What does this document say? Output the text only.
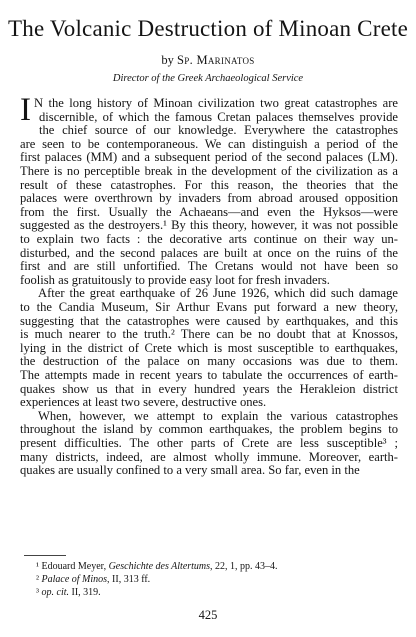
The Volcanic Destruction of Minoan Crete
by Sp. Marinatos
Director of the Greek Archaeological Service
I N the long history of Minoan civilization two great catastrophes are
discernible, of which the famous Cretan palaces themselves provide
the chief source of our knowledge. Everywhere the catastrophes
are seen to be contemporaneous. We can distinguish a period of the
first palaces (MM) and a subsequent period of the second palaces (LM).
There is no perceptible break in the development of the civilization as a
result of these catastrophes. For this reason, the theories that the
palaces were overthrown by invaders from abroad aroused opposition
from the first. Usually the Achaeans—and even the Hyksos—were
suggested as the destroyers.¹ By this theory, however, it was not possible
to explain two facts : the decorative arts continue on their way un-
disturbed, and the second palaces are built at once on the ruins of the
first and are still unfortified. The Cretans would not have been so
foolish as gratuitously to provide easy loot for fresh invaders.
After the great earthquake of 26 June 1926, which did such damage
to the Candia Museum, Sir Arthur Evans put forward a new theory,
suggesting that the catastrophes were caused by earthquakes, and this
is much nearer to the truth.² There can be no doubt that at Knossos,
lying in the district of Crete which is most susceptible to earthquakes,
the destruction of the palace on many occasions was due to them.
The attempts made in recent years to tabulate the occurrences of earth-
quakes show us that in every hundred years the Herakleion district
experiences at least two severe, destructive ones.
When, however, we attempt to explain the various catastrophes
throughout the island by common earthquakes, the problem begins to
present difficulties. The other parts of Crete are less susceptible³ ;
many districts, indeed, are almost wholly immune. Moreover, earth-
quakes are usually confined to a very small area. So far, even in the
¹ Edouard Meyer, Geschichte des Altertums, 22, 1, pp. 43–4.
² Palace of Minos, II, 313 ff.
³ op. cit. II, 319.
425
